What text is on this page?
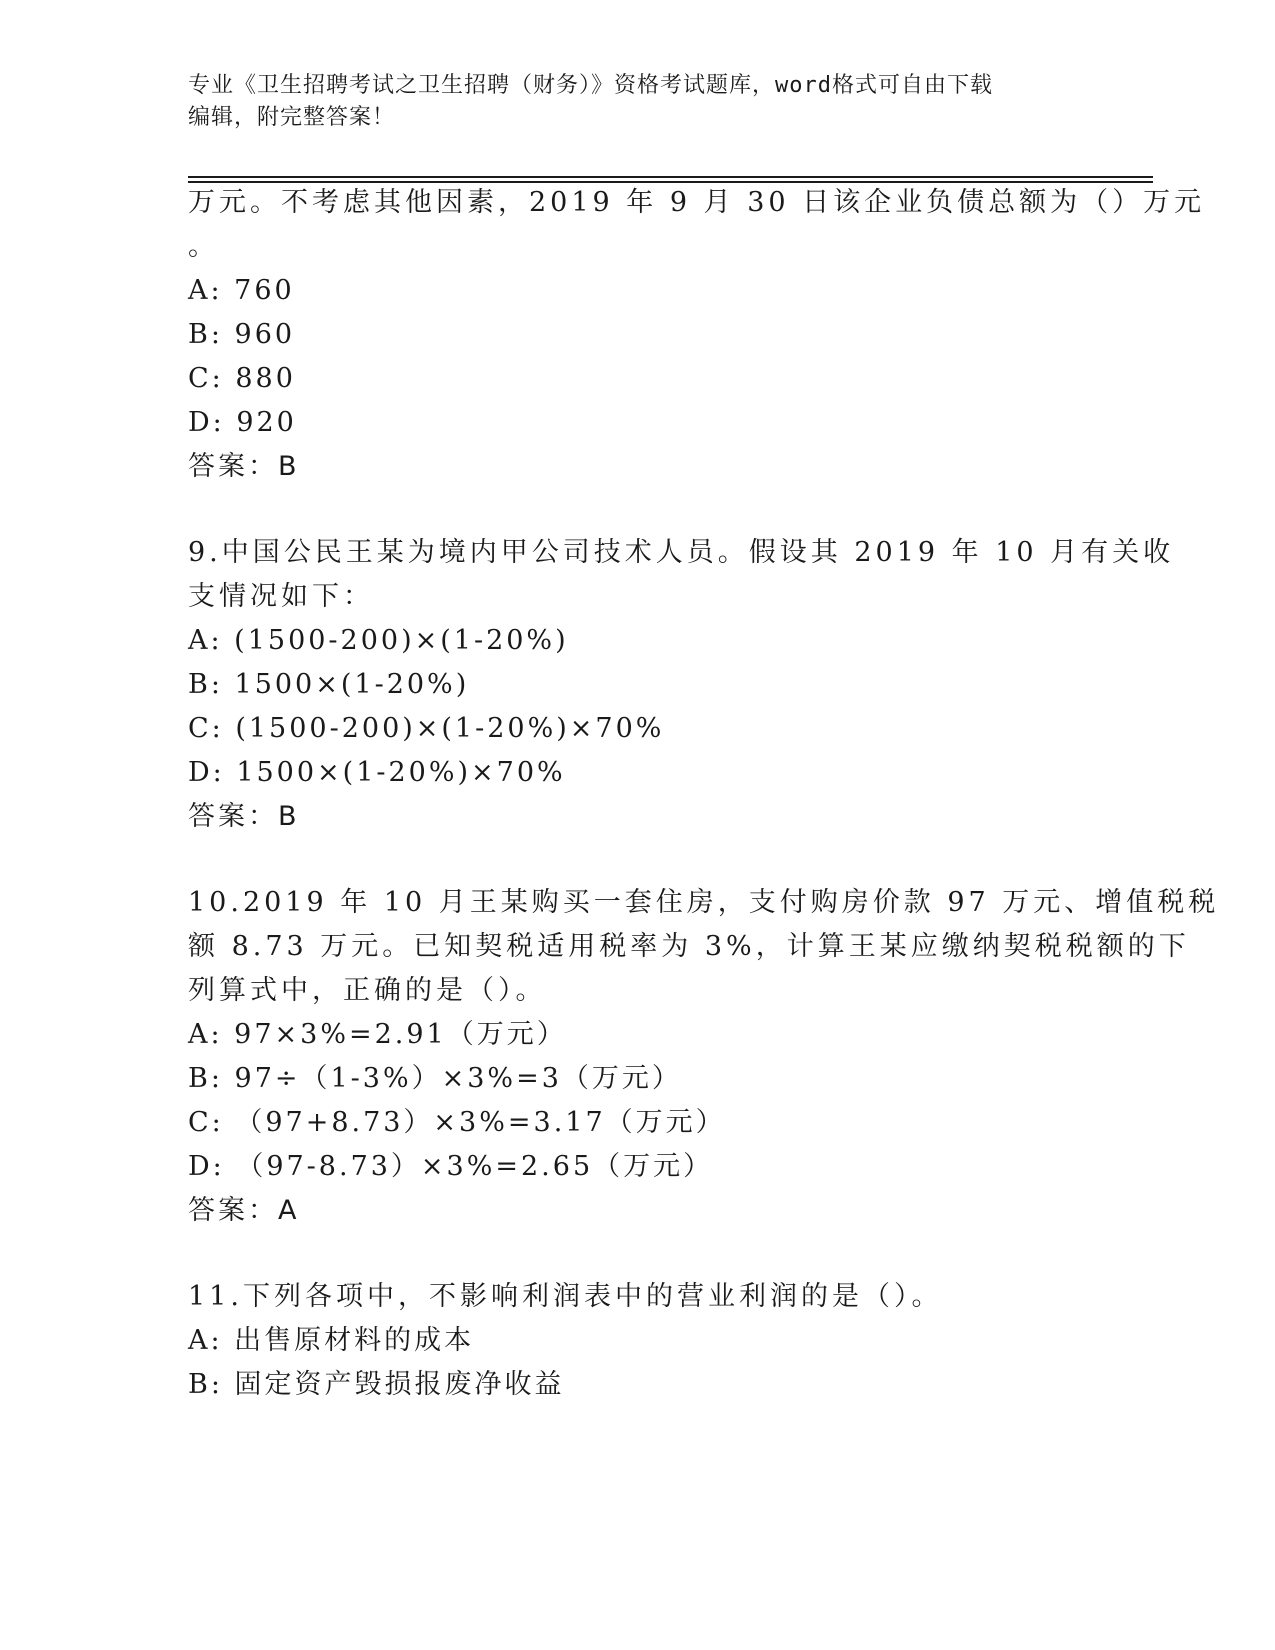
专业《卫生招聘考试之卫生招聘（财务）》资格考试题库，word格式可自由下载
编辑，附完整答案！
万元。不考虑其他因素，2019 年 9 月 30 日该企业负债总额为（）万元
。
A: 760
B: 960
C: 880
D: 920
答案：B
9.中国公民王某为境内甲公司技术人员。假设其 2019 年 10 月有关收
支情况如下：
A: (1500-200)×(1-20%)
B: 1500×(1-20%)
C: (1500-200)×(1-20%)×70%
D: 1500×(1-20%)×70%
答案：B
10.2019 年 10 月王某购买一套住房，支付购房价款 97 万元、增值税税
额 8.73 万元。已知契税适用税率为 3%，计算王某应缴纳契税税额的下
列算式中，正确的是（）。
A: 97×3%=2.91（万元）
B: 97÷（1-3%）×3%=3（万元）
C: （97+8.73）×3%=3.17（万元）
D: （97-8.73）×3%=2.65（万元）
答案：A
11.下列各项中，不影响利润表中的营业利润的是（）。
A: 出售原材料的成本
B: 固定资产毁损报废净收益
